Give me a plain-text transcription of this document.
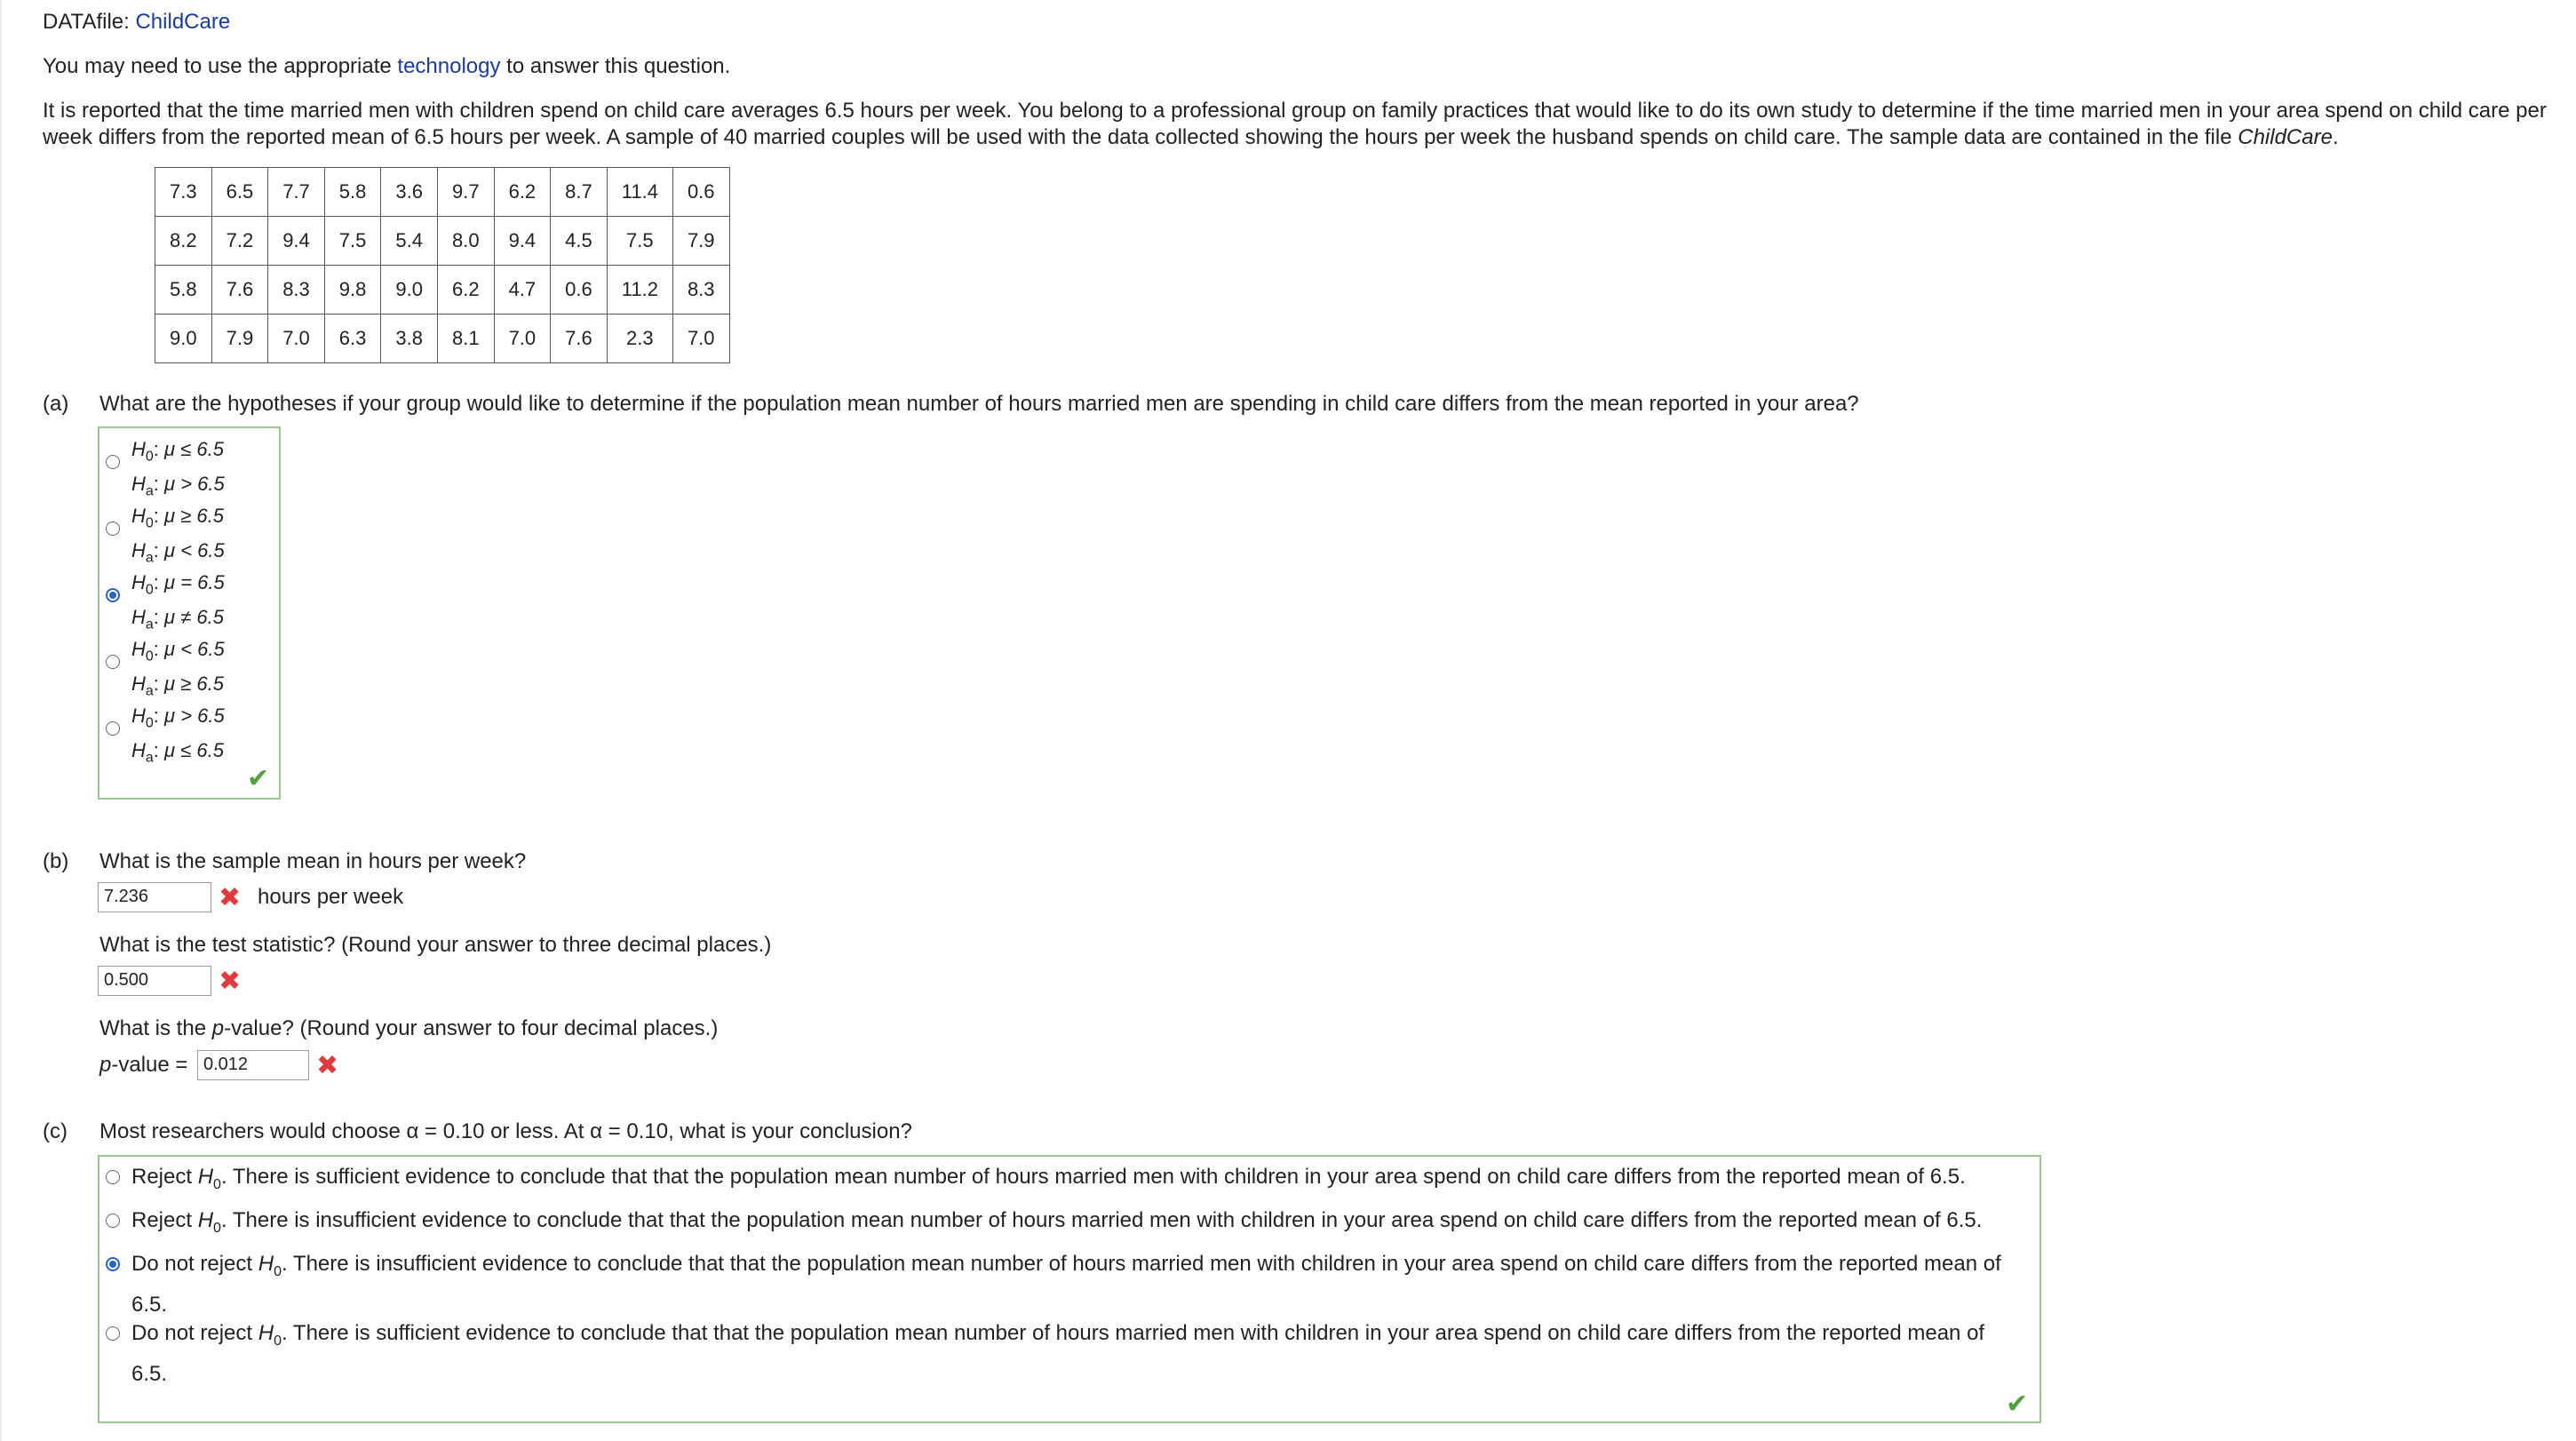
DATAfile: ChildCare
You may need to use the appropriate technology to answer this question.
It is reported that the time married men with children spend on child care averages 6.5 hours per week. You belong to a professional group on family practices that would like to do its own study to determine if the time married men in your area spend on child care per week differs from the reported mean of 6.5 hours per week. A sample of 40 married couples will be used with the data collected showing the hours per week the husband spends on child care. The sample data are contained in the file ChildCare.
7.3	6.5	7.7	5.8	3.6	9.7	6.2	8.7	11.4	0.6
8.2	7.2	9.4	7.5	5.4	8.0	9.4	4.5	7.5	7.9
5.8	7.6	8.3	9.8	9.0	6.2	4.7	0.6	11.2	8.3
9.0	7.9	7.0	6.3	3.8	8.1	7.0	7.6	2.3	7.0
(a) What are the hypotheses if your group would like to determine if the population mean number of hours married men are spending in child care differs from the mean reported in your area?
✔
(b) What is the sample mean in hours per week?
7.236	✖ hours per week
What is the test statistic? (Round your answer to three decimal places.)
0.500	✖
What is the p-value? (Round your answer to four decimal places.)
p-value = 0.012	✖
(c) Most researchers would choose α = 0.10 or less. At α = 0.10, what is your conclusion?
✔
$H_0$: μ ≤ 6.5
$H_a$: μ > 6.5
$H_0$: μ ≥ 6.5
$H_a$: μ < 6.5
$H_0$: μ = 6.5
$H_a$: μ ≠ 6.5
$H_0$: μ < 6.5
$H_a$: μ ≥ 6.5
$H_0$: μ > 6.5
$H_a$: μ ≤ 6.5
Reject $H_0$. There is sufficient evidence to conclude that that the population mean number of hours married men with children in your area spend on child care differs from the reported mean of 6.5.
Reject $H_0$. There is insufficient evidence to conclude that that the population mean number of hours married men with children in your area spend on child care differs from the reported mean of 6.5.
Do not reject $H_0$. There is insufficient evidence to conclude that that the population mean number of hours married men with children in your area spend on child care differs from the reported mean of 6.5.
Do not reject $H_0$. There is sufficient evidence to conclude that that the population mean number of hours married men with children in your area spend on child care differs from the reported mean of 6.5.
